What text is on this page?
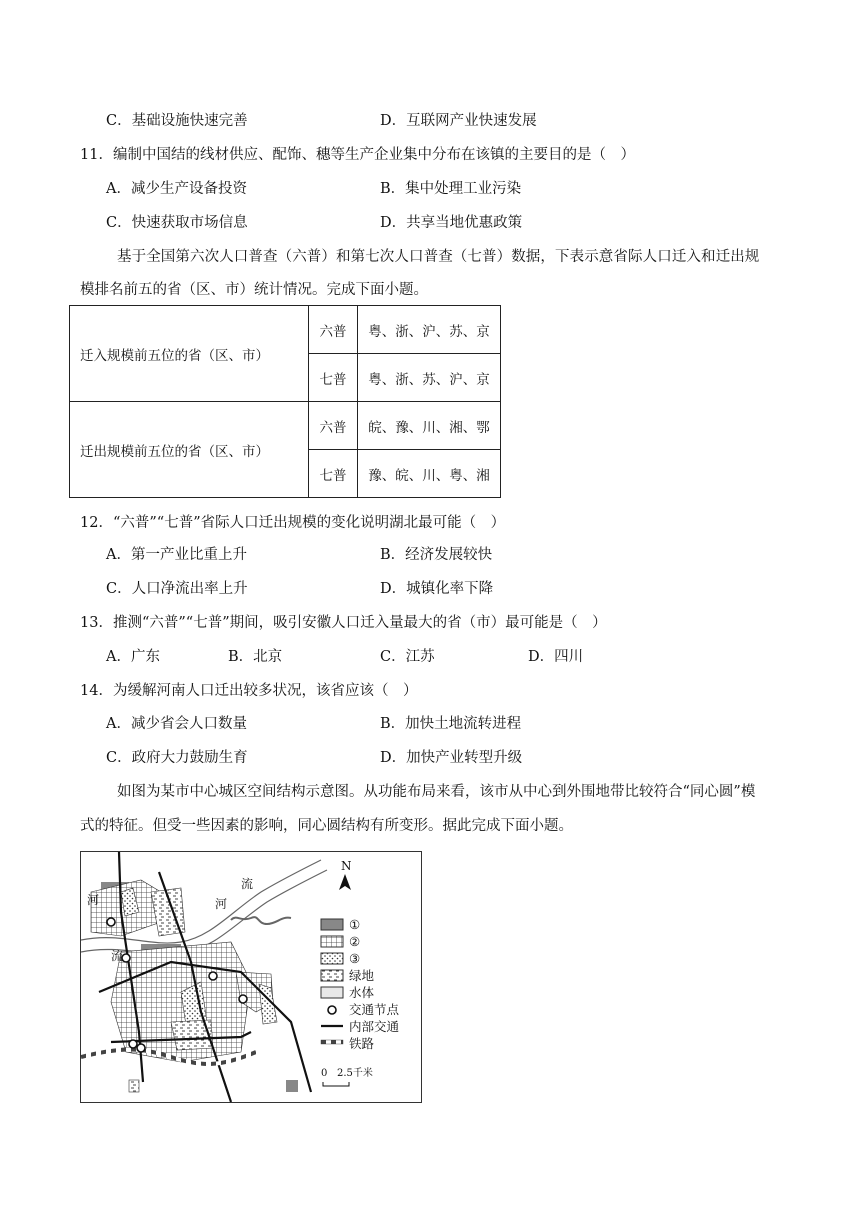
C．基础设施快速完善	D．互联网产业快速发展
11．编制中国结的线材供应、配饰、穗等生产企业集中分布在该镇的主要目的是（　）
A．减少生产设备投资	B．集中处理工业污染
C．快速获取市场信息	D．共享当地优惠政策
基于全国第六次人口普查（六普）和第七次人口普查（七普）数据，下表示意省际人口迁入和迁出规
模排名前五的省（区、市）统计情况。完成下面小题。
迁入规模前五位的省（区、市）	六普	粤、浙、沪、苏、京
	七普	粤、浙、苏、沪、京
迁出规模前五位的省（区、市）	六普	皖、豫、川、湘、鄂
	七普	豫、皖、川、粤、湘
12．“六普”“七普”省际人口迁出规模的变化说明湖北最可能（　）
A．第一产业比重上升	B．经济发展较快
C．人口净流出率上升	D．城镇化率下降
13．推测“六普”“七普”期间，吸引安徽人口迁入量最大的省（市）最可能是（　）
A．广东	B．北京	C．江苏	D．四川
14．为缓解河南人口迁出较多状况，该省应该（　）
A．减少省会人口数量	B．加快土地流转进程
C．政府大力鼓励生育	D．加快产业转型升级
如图为某市中心城区空间结构示意图。从功能布局来看，该市从中心到外围地带比较符合“同心圆”模
式的特征。但受一些因素的影响，同心圆结构有所变形。据此完成下面小题。
河
流
流
河
N
①
②
③
绿地
水体
交通节点
内部交通
铁路
0 2.5千米
